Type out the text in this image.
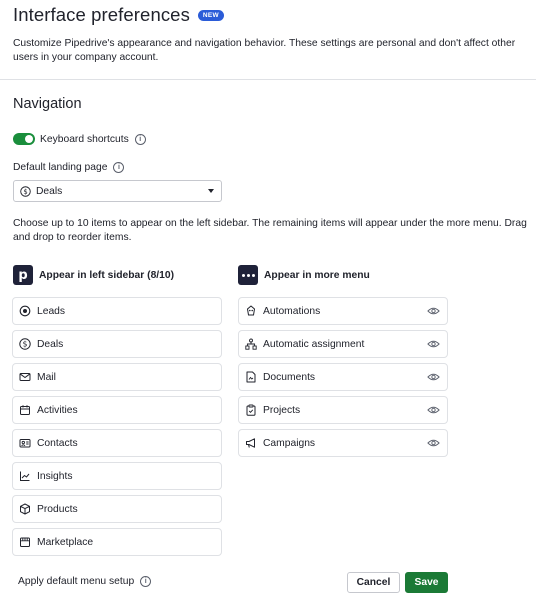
Interface preferences	NEW
Customize Pipedrive's appearance and navigation behavior. These settings are personal and don't affect other users in your company account.
Navigation
Keyboard shortcuts	i
Default landing page	i
$ Deals
Choose up to 10 items to appear on the left sidebar. The remaining items will appear under the more menu. Drag and drop to reorder items.
p	Appear in left sidebar (8/10)	Appear in more menu
Leads
$ Deals
Mail
Activities
Contacts
Insights
Products
Marketplace
Automations
Automatic assignment
Documents
Projects
Campaigns
Apply default menu setup	i	Cancel	Save
